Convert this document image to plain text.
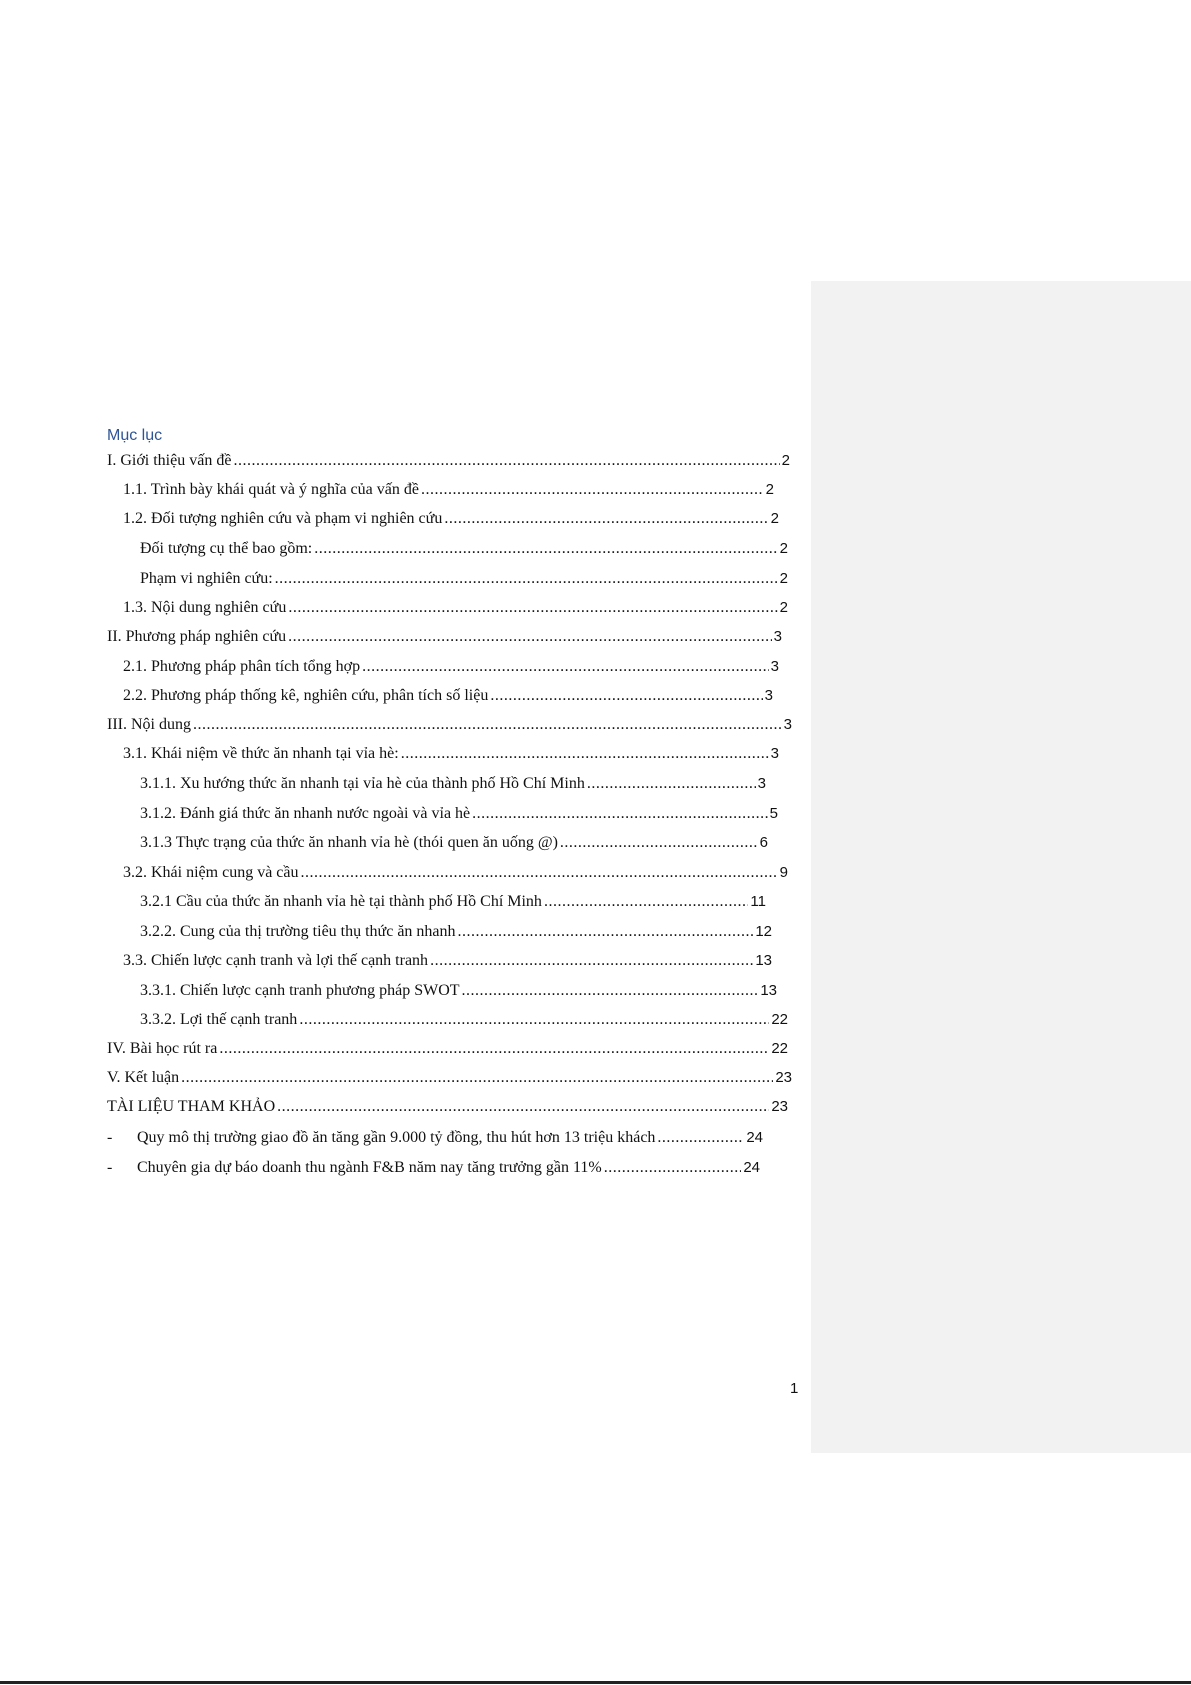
Mục lục
I. Giới thiệu vấn đề .....	2
1.1. Trình bày khái quát và ý nghĩa của vấn đề .....	2
1.2. Đối tượng nghiên cứu và phạm vi nghiên cứu .....	2
Đối tượng cụ thể bao gồm: .....	2
Phạm vi nghiên cứu: .....	2
1.3. Nội dung nghiên cứu .....	2
II. Phương pháp nghiên cứu .....	3
2.1. Phương pháp phân tích tổng hợp .....	3
2.2. Phương pháp thống kê, nghiên cứu, phân tích số liệu .....	3
III. Nội dung .....	3
3.1. Khái niệm về thức ăn nhanh tại vỉa hè: .....	3
3.1.1. Xu hướng thức ăn nhanh tại vỉa hè của thành phố Hồ Chí Minh .....	3
3.1.2. Đánh giá thức ăn nhanh nước ngoài và vỉa hè .....	5
3.1.3 Thực trạng của thức ăn nhanh vỉa hè (thói quen ăn uống @) .....	6
3.2. Khái niệm cung và cầu .....	9
3.2.1 Cầu của thức ăn nhanh vỉa hè tại thành phố Hồ Chí Minh .....	11
3.2.2. Cung của thị trường tiêu thụ thức ăn nhanh .....	12
3.3. Chiến lược cạnh tranh và lợi thế cạnh tranh .....	13
3.3.1. Chiến lược cạnh tranh phương pháp SWOT .....	13
3.3.2. Lợi thế cạnh tranh .....	22
IV. Bài học rút ra .....	22
V. Kết luận .....	23
TÀI LIỆU THAM KHẢO .....	23
- Quy mô thị trường giao đồ ăn tăng gần 9.000 tỷ đồng, thu hút hơn 13 triệu khách .....	24
- Chuyên gia dự báo doanh thu ngành F&B năm nay tăng trưởng gần 11% .....	24
1
